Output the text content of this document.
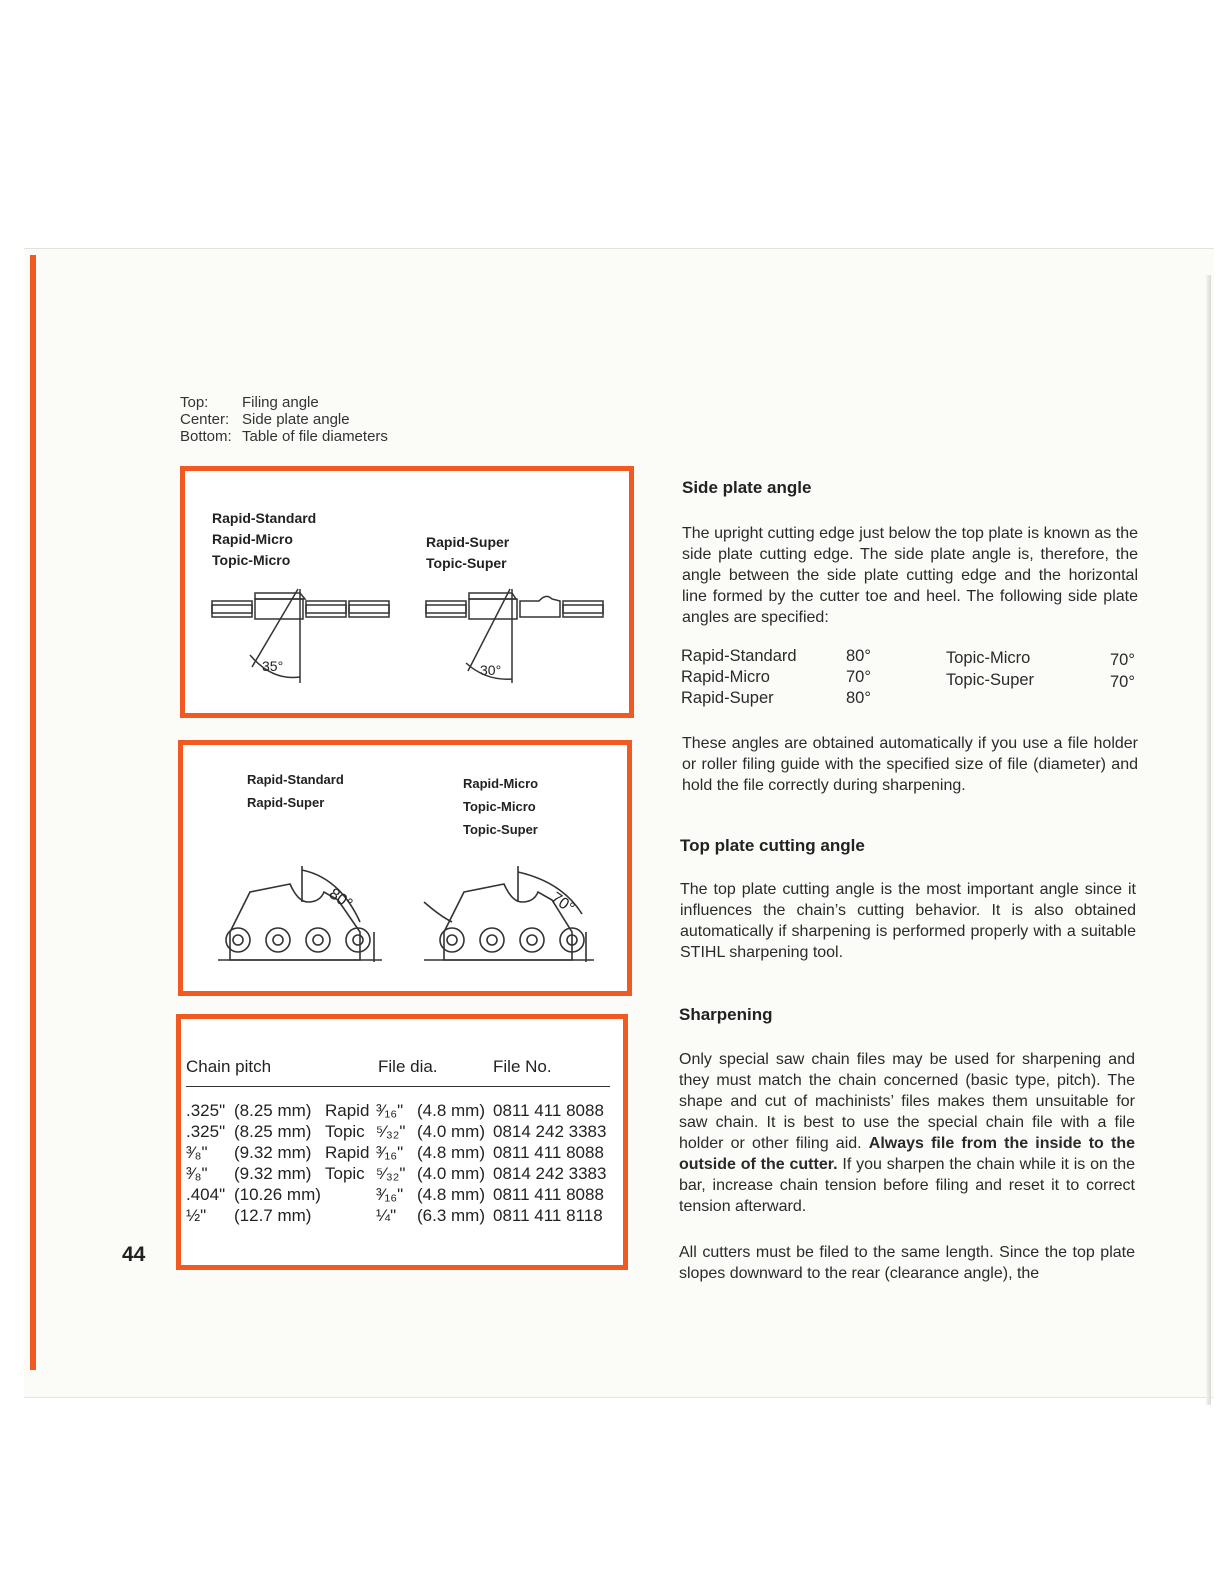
Top:	Filing angle
Center: Side plate angle
Bottom: Table of file diameters
Rapid-Standard
Rapid-Micro
Topic-Micro
Rapid-Super
Topic-Super
35°	30°
Rapid-Standard
Rapid-Super
Rapid-Micro
Topic-Micro
Topic-Super
80°	70°
Chain pitch	File dia.	File No.
.325" (8.25 mm) Rapid ³⁄₁₆" (4.8 mm) 0811 411 8088
.325" (8.25 mm) Topic ⁵⁄₃₂" (4.0 mm) 0814 242 3383
³⁄₈" (9.32 mm) Rapid ³⁄₁₆" (4.8 mm) 0811 411 8088
³⁄₈" (9.32 mm) Topic ⁵⁄₃₂" (4.0 mm) 0814 242 3383
.404" (10.26 mm)	³⁄₁₆" (4.8 mm) 0811 411 8088
½" (12.7 mm)	¼" (6.3 mm) 0811 411 8118
44
Side plate angle

The upright cutting edge just below the top plate is known as the side plate cutting edge. The side plate angle is, therefore, the angle between the side plate cutting edge and the horizontal line formed by the cutter toe and heel. The following side plate angles are specified:

Rapid-Standard	80°
Rapid-Micro	70°
Rapid-Super	80°
Topic-Micro	70°
Topic-Super	70°

These angles are obtained automatically if you use a file holder or roller filing guide with the specified size of file (diameter) and hold the file correctly during sharpening.

Top plate cutting angle

The top plate cutting angle is the most important angle since it influences the chain’s cutting behavior. It is also obtained automatically if sharpening is performed properly with a suitable STIHL sharpening tool.

Sharpening

Only special saw chain files may be used for sharpening and they must match the chain concerned (basic type, pitch). The shape and cut of machinists’ files makes them unsuitable for saw chain. It is best to use the special chain file with a file holder or other filing aid. Always file from the inside to the outside of the cutter. If you sharpen the chain while it is on the bar, increase chain tension before filing and reset it to correct tension afterward.

All cutters must be filed to the same length. Since the top plate slopes downward to the rear (clearance angle), the
